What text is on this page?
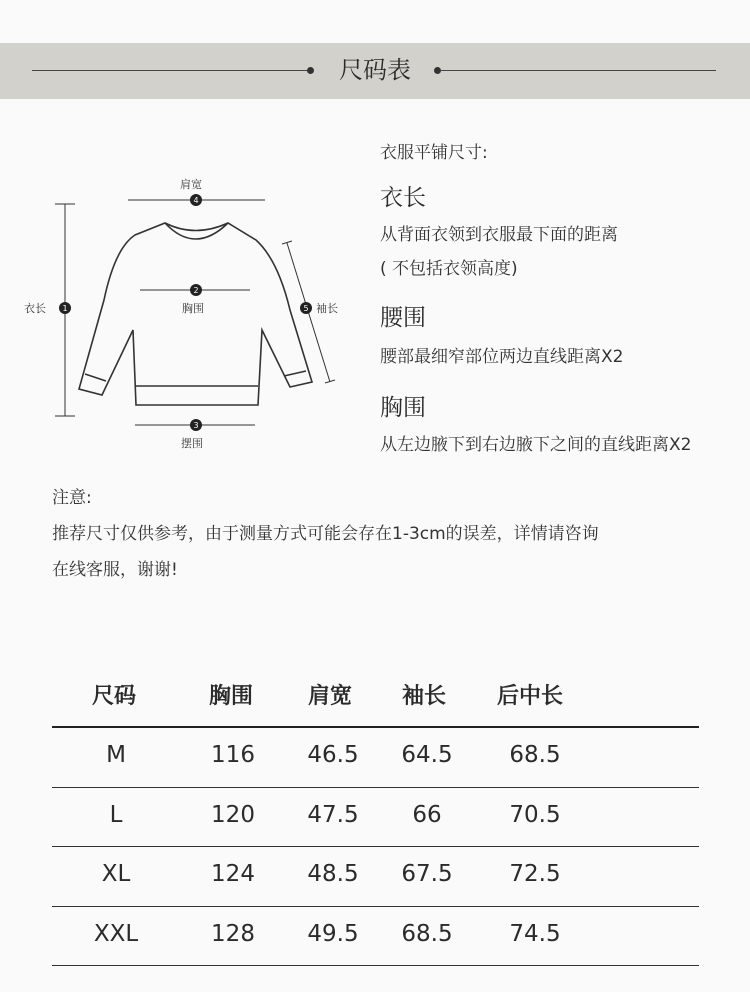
尺码表
1
2
3
4
5
肩宽
衣长	胸围	袖长
摆围
衣服平铺尺寸:
衣长
从背面衣领到衣服最下面的距离
( 不包括衣领高度)
腰围
腰部最细窄部位两边直线距离X2
胸围
从左边腋下到右边腋下之间的直线距离X2
注意:
推荐尺寸仅供参考，由于测量方式可能会存在1-3cm的误差，详情请咨询
在线客服，谢谢!
尺码	胸围 肩宽 袖长 后中长
M	116	46.5	64.5	68.5
L	120	47.5	66	70.5
XL	124	48.5	67.5	72.5
XXL	128	49.5	68.5	74.5
